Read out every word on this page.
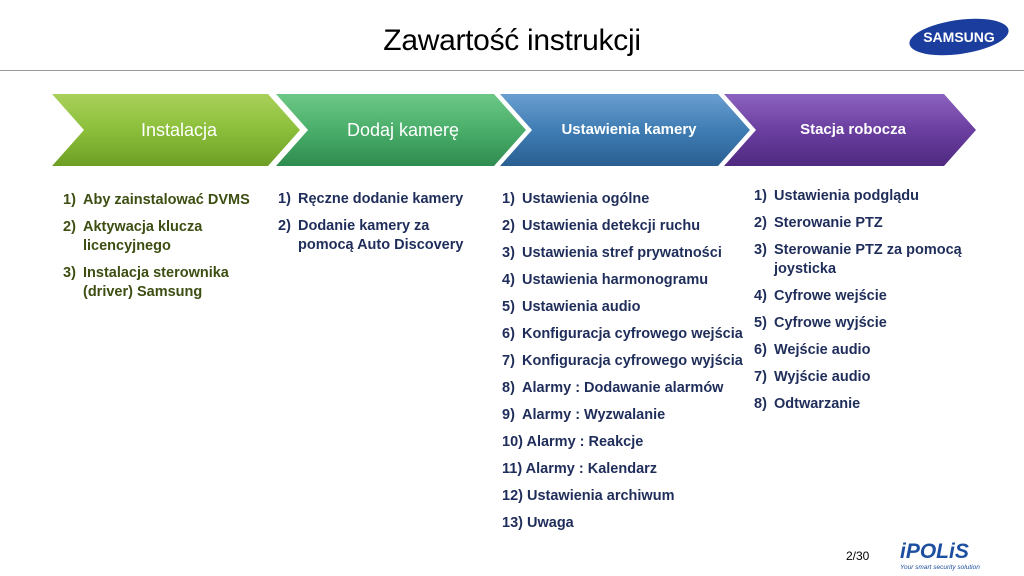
Zawartość instrukcji	SAMSUNG
Instalacja	Dodaj kamerę	Ustawienia kamery	Stacja robocza
1) Aby zainstalować DVMS
2) Aktywacja klucza licencyjnego
3) Instalacja sterownika (driver) Samsung
1) Ręczne dodanie kamery
2) Dodanie kamery za pomocą Auto Discovery
1) Ustawienia ogólne
2) Ustawienia detekcji ruchu
3) Ustawienia stref prywatności
4) Ustawienia harmonogramu
5) Ustawienia audio
6) Konfiguracja cyfrowego wejścia
7) Konfiguracja cyfrowego wyjścia
8) Alarmy : Dodawanie alarmów
9) Alarmy : Wyzwalanie
10) Alarmy : Reakcje
11) Alarmy : Kalendarz
12) Ustawienia archiwum
13) Uwaga
1) Ustawienia podglądu
2) Sterowanie PTZ
3) Sterowanie PTZ za pomocą joysticka
4) Cyfrowe wejście
5) Cyfrowe wyjście
6) Wejście audio
7) Wyjście audio
8) Odtwarzanie
2/30 iPOLiS
Your smart security solution
